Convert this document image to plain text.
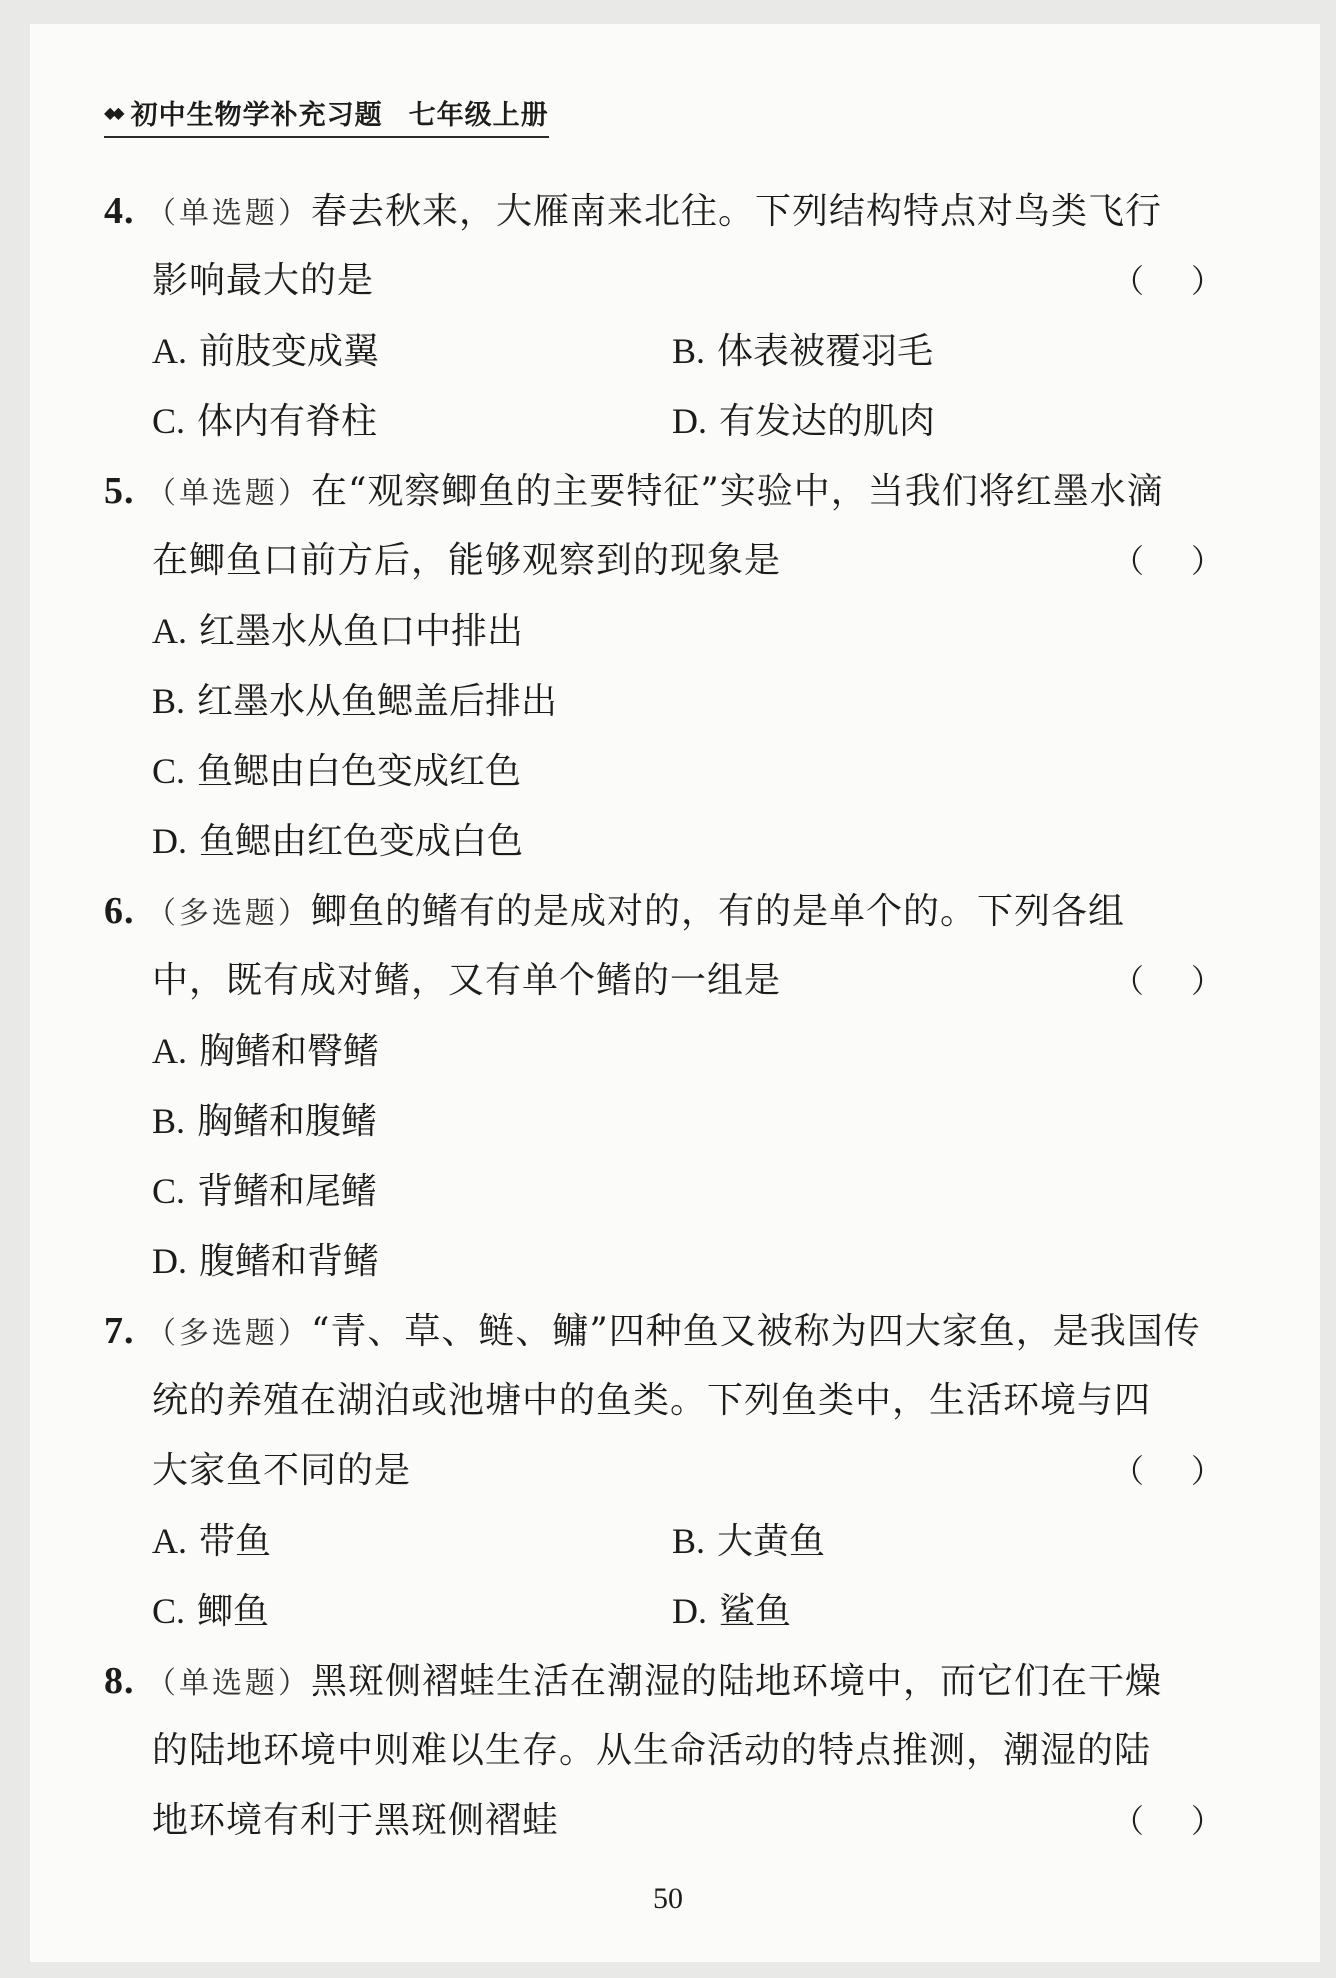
◆◆ 初中生物学补充习题 七年级上册
4. （单选题）春去秋来，大雁南来北往。下列结构特点对鸟类飞行
影响最大的是	（ ）
A. 前肢变成翼	B. 体表被覆羽毛
C. 体内有脊柱	D. 有发达的肌肉
5. （单选题）在“观察鲫鱼的主要特征”实验中，当我们将红墨水滴
在鲫鱼口前方后，能够观察到的现象是	（ ）
A. 红墨水从鱼口中排出
B. 红墨水从鱼鳃盖后排出
C. 鱼鳃由白色变成红色
D. 鱼鳃由红色变成白色
6. （多选题）鲫鱼的鳍有的是成对的，有的是单个的。下列各组
中，既有成对鳍，又有单个鳍的一组是	（ ）
A. 胸鳍和臀鳍
B. 胸鳍和腹鳍
C. 背鳍和尾鳍
D. 腹鳍和背鳍
7. （多选题）“青、草、鲢、鳙”四种鱼又被称为四大家鱼，是我国传
统的养殖在湖泊或池塘中的鱼类。下列鱼类中，生活环境与四
大家鱼不同的是	（ ）
A. 带鱼	B. 大黄鱼
C. 鲫鱼	D. 鲨鱼
8. （单选题）黑斑侧褶蛙生活在潮湿的陆地环境中，而它们在干燥
的陆地环境中则难以生存。从生命活动的特点推测，潮湿的陆
地环境有利于黑斑侧褶蛙	（ ）
50
